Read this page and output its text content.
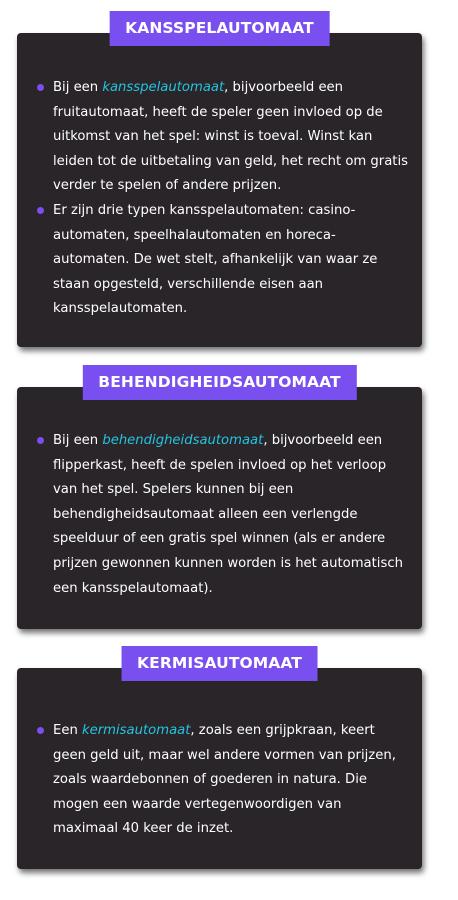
KANSSPELAUTOMAAT
Bij een kansspelautomaat, bijvoorbeeld een fruitautomaat, heeft de speler geen invloed op de uitkomst van het spel: winst is toeval. Winst kan leiden tot de uitbetaling van geld, het recht om gratis verder te spelen of andere prijzen.
Er zijn drie typen kansspelautomaten: casino-automaten, speelhalautomaten en horeca-automaten. De wet stelt, afhankelijk van waar ze staan opgesteld, verschillende eisen aan kansspelautomaten.
BEHENDIGHEIDSAUTOMAAT
Bij een behendigheidsautomaat, bijvoorbeeld een flipperkast, heeft de spelen invloed op het verloop van het spel. Spelers kunnen bij een behendigheidsautomaat alleen een verlengde speelduur of een gratis spel winnen (als er andere prijzen gewonnen kunnen worden is het automatisch een kansspelautomaat).
KERMISAUTOMAAT
Een kermisautomaat, zoals een grijpkraan, keert geen geld uit, maar wel andere vormen van prijzen, zoals waardebonnen of goederen in natura. Die mogen een waarde vertegenwoordigen van maximaal 40 keer de inzet.
